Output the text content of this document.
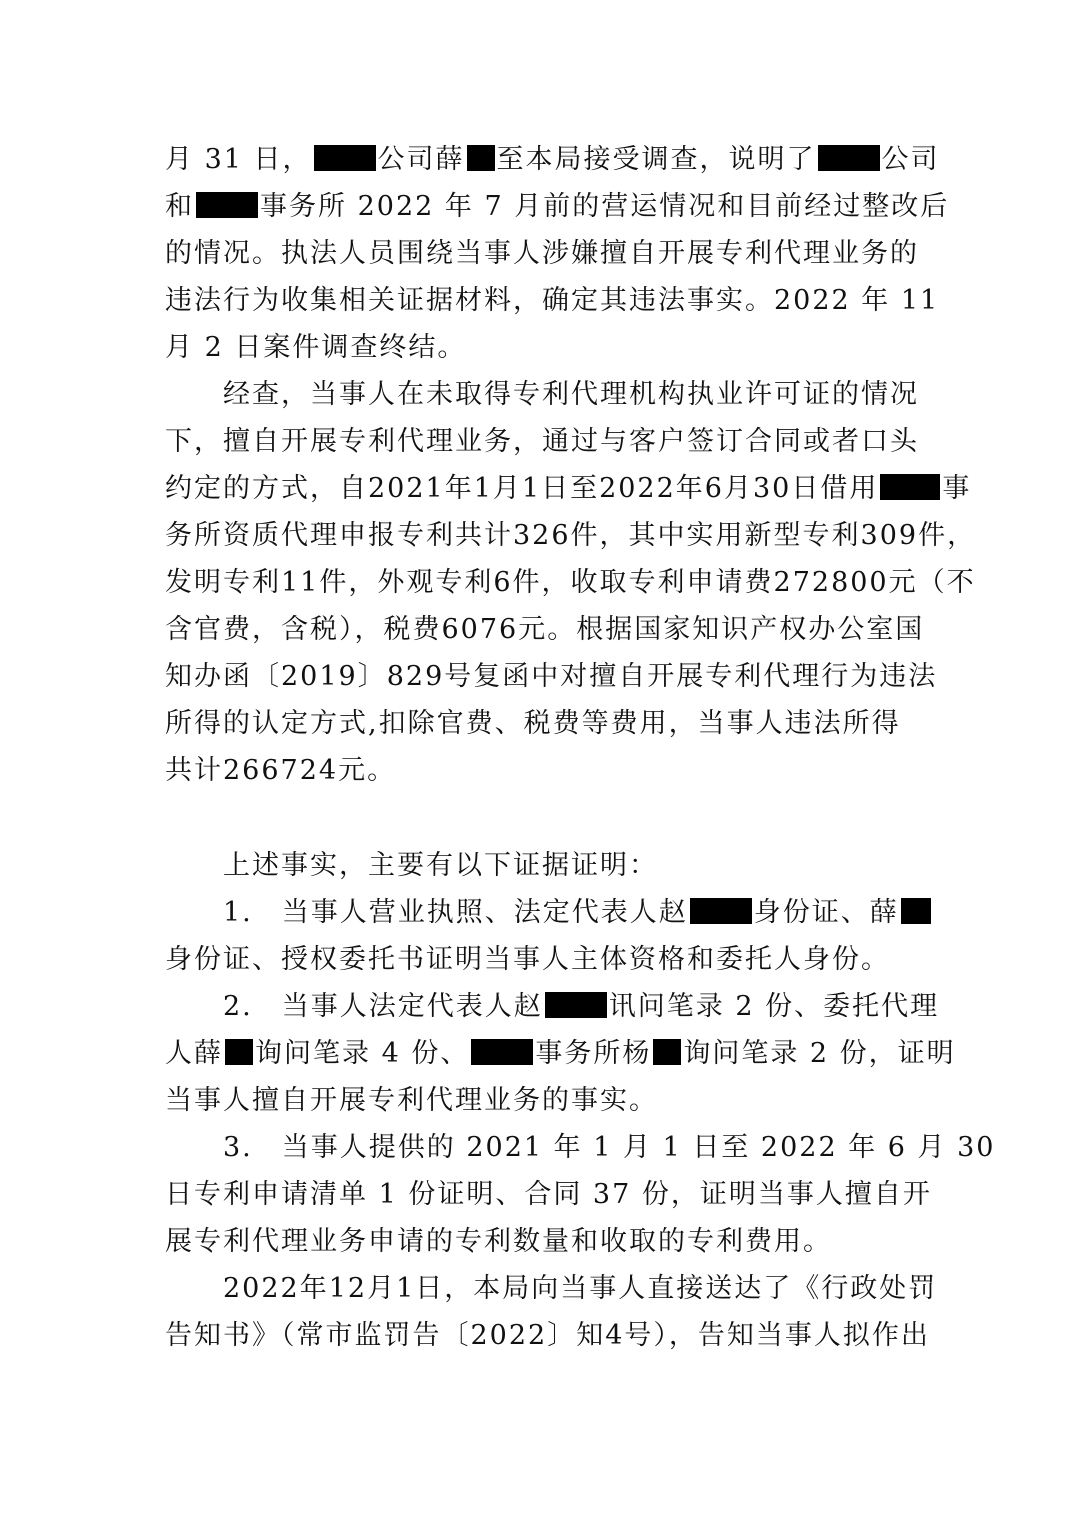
月 31 日， 公司薛 至本局接受调查，说明了 公司
和 事务所 2022 年 7 月前的营运情况和目前经过整改后
的情况。执法人员围绕当事人涉嫌擅自开展专利代理业务的
违法行为收集相关证据材料，确定其违法事实。2022 年 11
月 2 日案件调查终结。
　　经查，当事人在未取得专利代理机构执业许可证的情况
下，擅自开展专利代理业务，通过与客户签订合同或者口头
约定的方式，自2021年1月1日至2022年6月30日借用 事
务所资质代理申报专利共计326件，其中实用新型专利309件，
发明专利11件，外观专利6件，收取专利申请费272800元（不
含官费，含税），税费6076元。根据国家知识产权办公室国
知办函〔2019〕829号复函中对擅自开展专利代理行为违法
所得的认定方式,扣除官费、税费等费用，当事人违法所得
共计266724元。
　　上述事实，主要有以下证据证明：
　　1.　当事人营业执照、法定代表人赵 身份证、薛
身份证、授权委托书证明当事人主体资格和委托人身份。
　　2.　当事人法定代表人赵 讯问笔录 2 份、委托代理
人薛 询问笔录 4 份、 事务所杨 询问笔录 2 份，证明
当事人擅自开展专利代理业务的事实。
　　3.　当事人提供的 2021 年 1 月 1 日至 2022 年 6 月 30
日专利申请清单 1 份证明、合同 37 份，证明当事人擅自开
展专利代理业务申请的专利数量和收取的专利费用。
　　2022年12月1日，本局向当事人直接送达了《行政处罚
告知书》（常市监罚告〔2022〕知4号），告知当事人拟作出
